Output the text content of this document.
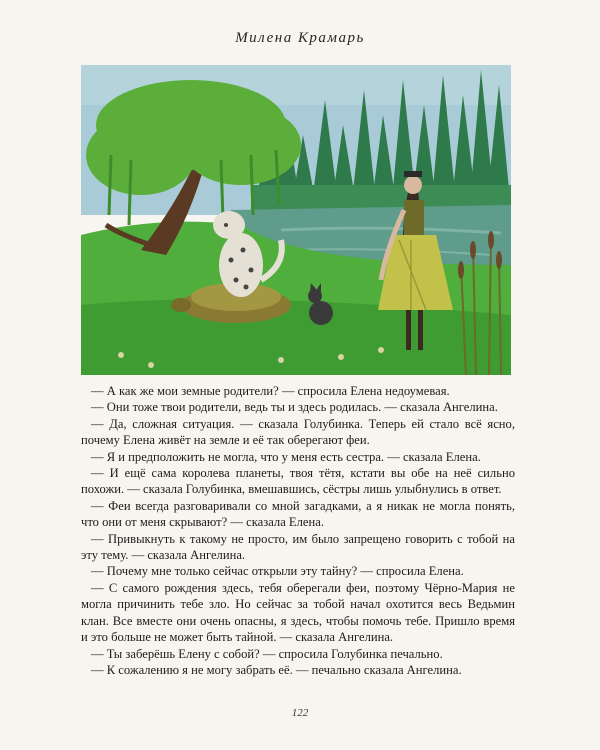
Милена Крамарь

— А как же мои земные родители? — спросила Елена недоумевая.

— Они тоже твои родители, ведь ты и здесь родилась. — сказала Ангелина.

— Да, сложная ситуация. — сказала Голубинка. Теперь ей стало всё ясно, почему Елена живёт на земле и её так оберегают феи.

— Я и предположить не могла, что у меня есть сестра. — сказала Елена.

— И ещё сама королева планеты, твоя тётя, кстати вы обе на неё сильно похожи. — сказала Голубинка, вмешавшись, сёстры лишь улыбнулись в ответ.

— Феи всегда разговаривали со мной загадками, а я никак не могла понять, что они от меня скрывают? — сказала Елена.

— Привыкнуть к такому не просто, им было запрещено говорить с тобой на эту тему. — сказала Ангелина.

— Почему мне только сейчас открыли эту тайну? — спросила Елена.

— С самого рождения здесь, тебя оберегали феи, поэтому Чёрно-Мария не могла причинить тебе зло. Но сейчас за тобой начал охотится весь Ведьмин клан. Все вместе они очень опасны, я здесь, чтобы помочь тебе. Пришло время и это больше не может быть тайной. — сказала Ангелина.

— Ты заберёшь Елену с собой? — спросила Голубинка печально.

— К сожалению я не могу забрать её. — печально сказала Ангелина.

122
